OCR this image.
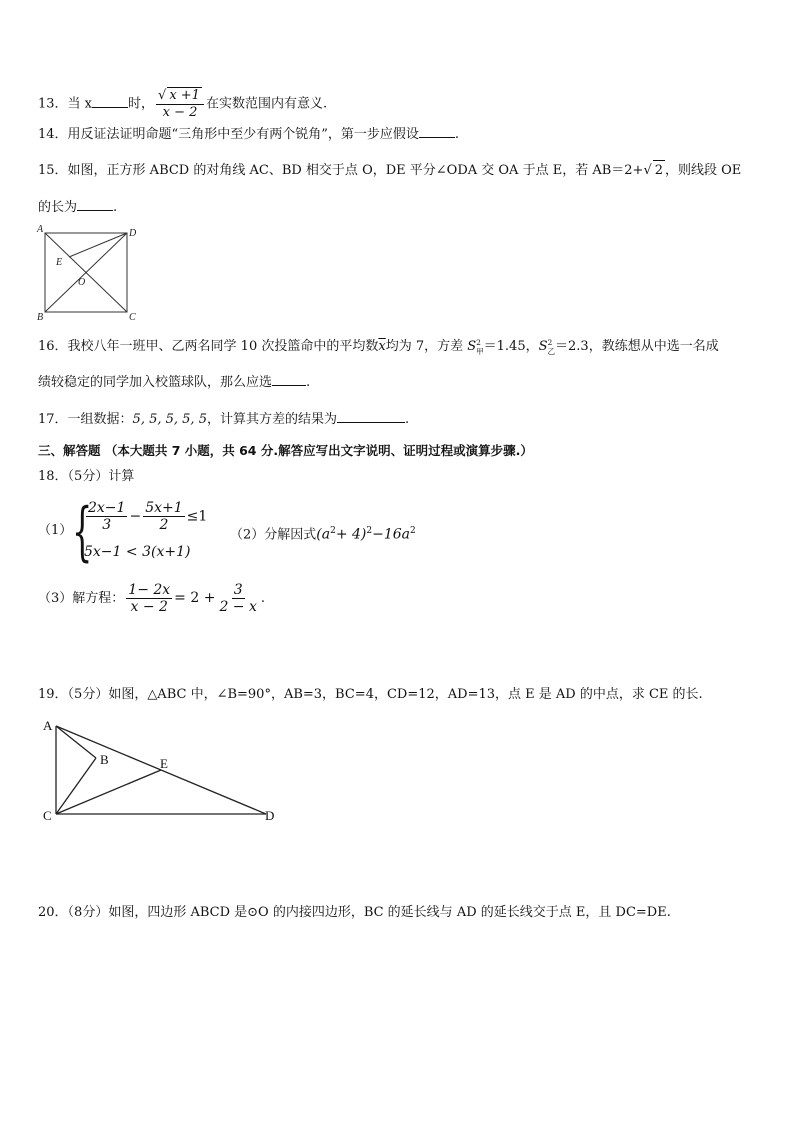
13．当 x	时， $\frac{√ x +1}{x - 2}$ 在实数范围内有意义.
14．用反证法证明命题“三角形中至少有两个锐角”，第一步应假设	.
15．如图，正方形 ABCD 的对角线 AC、BD 相交于点 O，DE 平分∠ODA 交 OA 于点 E，若 AB＝2+√ 2 ，则线段 OE
的长为	.
A	D
B	C
E
O
16．我校八年一班甲、乙两名同学 10 次投篮命中的平均数$\overline{x}$均为 7，方差 S 2
甲 ＝1.45，S 2
乙 ＝2.3，教练想从中选一名成
绩较稳定的同学加入校篮球队，那么应选	.
17．一组数据：5, 5, 5, 5, 5，计算其方差的结果为	.
三、解答题 （本大题共 7 小题，共 64 分.解答应写出文字说明、证明过程或演算步骤.）
18．（5分）计算
（1） {
$\frac{2x-1}{3} - \frac{5x+1}{2} \le 1$
5x−1 < 3(x+1)
（2）分解因式$(a^2+ 4)^2-16a^2$
（3）解方程： $\frac{1- 2x}{x - 2} = 2 + \frac{3}{2 - x}$ .
19．（5分）如图，△ABC 中，∠B=90°，AB=3，BC=4，CD=12，AD=13，点 E 是 AD 的中点，求 CE 的长.
A
B	E
C	D
20．（8分）如图，四边形 ABCD 是⊙O 的内接四边形，BC 的延长线与 AD 的延长线交于点 E，且 DC=DE.
